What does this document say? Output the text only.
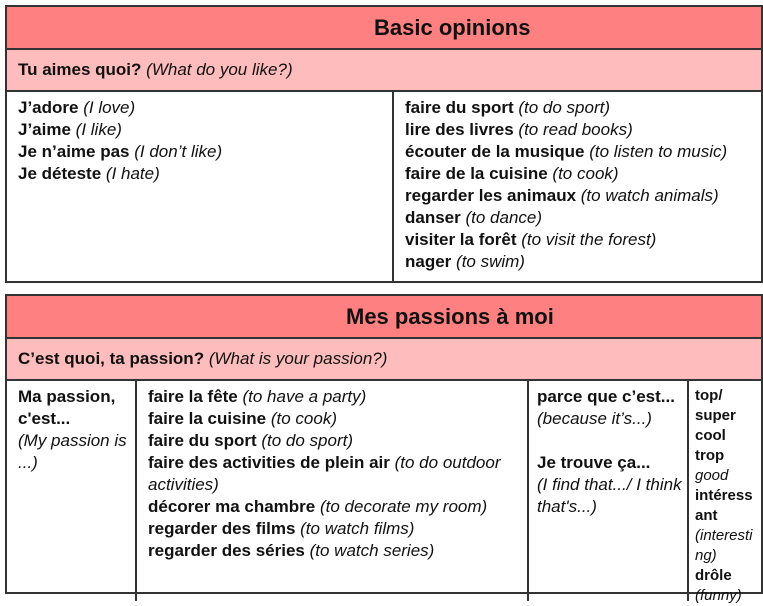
Basic opinions
Tu aimes quoi? (What do you like?)
J’adore (I love)
J’aime (I like)
Je n’aime pas (I don’t like)
Je déteste (I hate)
faire du sport (to do sport)
lire des livres (to read books)
écouter de la musique (to listen to music)
faire de la cuisine (to cook)
regarder les animaux (to watch animals)
danser (to dance)
visiter la forêt (to visit the forest)
nager (to swim)
Mes passions à moi
C’est quoi, ta passion? (What is your passion?)
Ma passion, c'est...
(My passion is ...)
faire la fête (to have a party)
faire la cuisine (to cook)
faire du sport (to do sport)
faire des activities de plein air (to do outdoor activities)
décorer ma chambre (to decorate my room)
regarder des films (to watch films)
regarder des séries (to watch series)
parce que c’est...
(because it’s...)
Je trouve ça...
(I find that.../ I think that's...)
top/
super
cool
trop
good
intéressant
(interesting)
drôle
(funny)
